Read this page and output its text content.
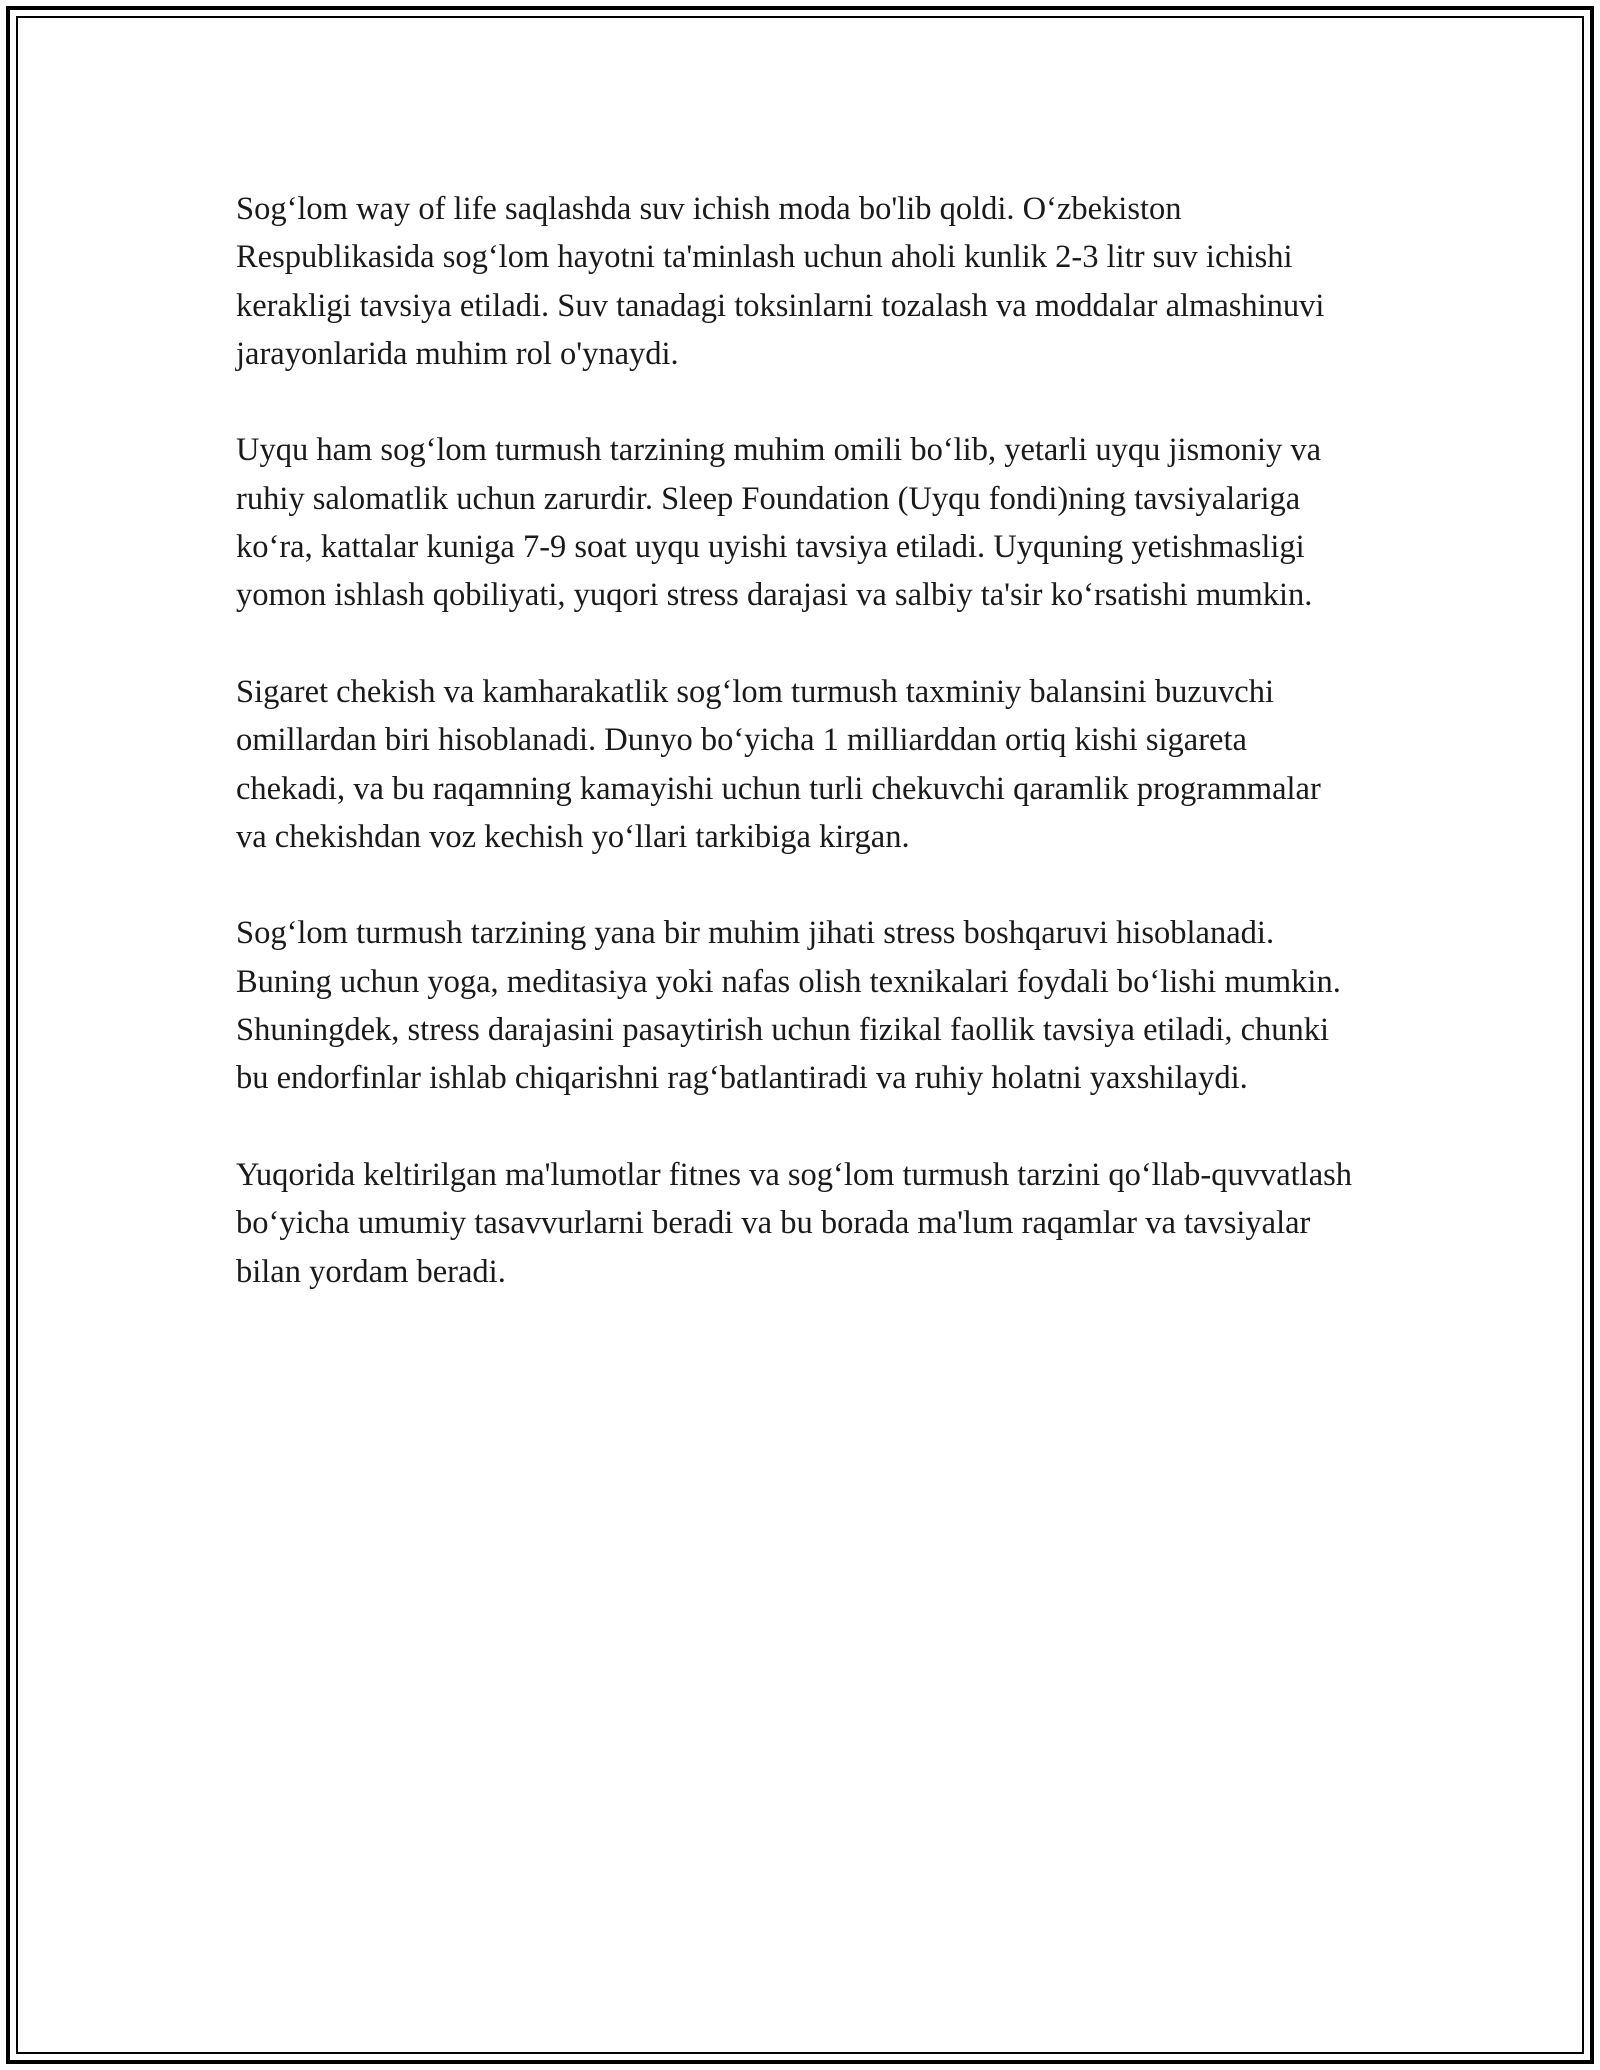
Sog‘lom way of life saqlashda suv ichish moda bo'lib qoldi. O‘zbekiston Respublikasida sog‘lom hayotni ta'minlash uchun aholi kunlik 2-3 litr suv ichishi kerakligi tavsiya etiladi. Suv tanadagi toksinlarni tozalash va moddalar almashinuvi jarayonlarida muhim rol o'ynaydi.

Uyqu ham sog‘lom turmush tarzining muhim omili bo‘lib, yetarli uyqu jismoniy va ruhiy salomatlik uchun zarurdir. Sleep Foundation (Uyqu fondi)ning tavsiyalariga ko‘ra, kattalar kuniga 7-9 soat uyqu uyishi tavsiya etiladi. Uyquning yetishmasligi yomon ishlash qobiliyati, yuqori stress darajasi va salbiy ta'sir ko‘rsatishi mumkin.

Sigaret chekish va kamharakatlik sog‘lom turmush taxminiy balansini buzuvchi omillardan biri hisoblanadi. Dunyo bo‘yicha 1 milliarddan ortiq kishi sigareta chekadi, va bu raqamning kamayishi uchun turli chekuvchi qaramlik programmalar va chekishdan voz kechish yo‘llari tarkibiga kirgan.

Sog‘lom turmush tarzining yana bir muhim jihati stress boshqaruvi hisoblanadi. Buning uchun yoga, meditasiya yoki nafas olish texnikalari foydali bo‘lishi mumkin. Shuningdek, stress darajasini pasaytirish uchun fizikal faollik tavsiya etiladi, chunki bu endorfinlar ishlab chiqarishni rag‘batlantiradi va ruhiy holatni yaxshilaydi.

Yuqorida keltirilgan ma'lumotlar fitnes va sog‘lom turmush tarzini qo‘llab-quvvatlash bo‘yicha umumiy tasavvurlarni beradi va bu borada ma'lum raqamlar va tavsiyalar bilan yordam beradi.
